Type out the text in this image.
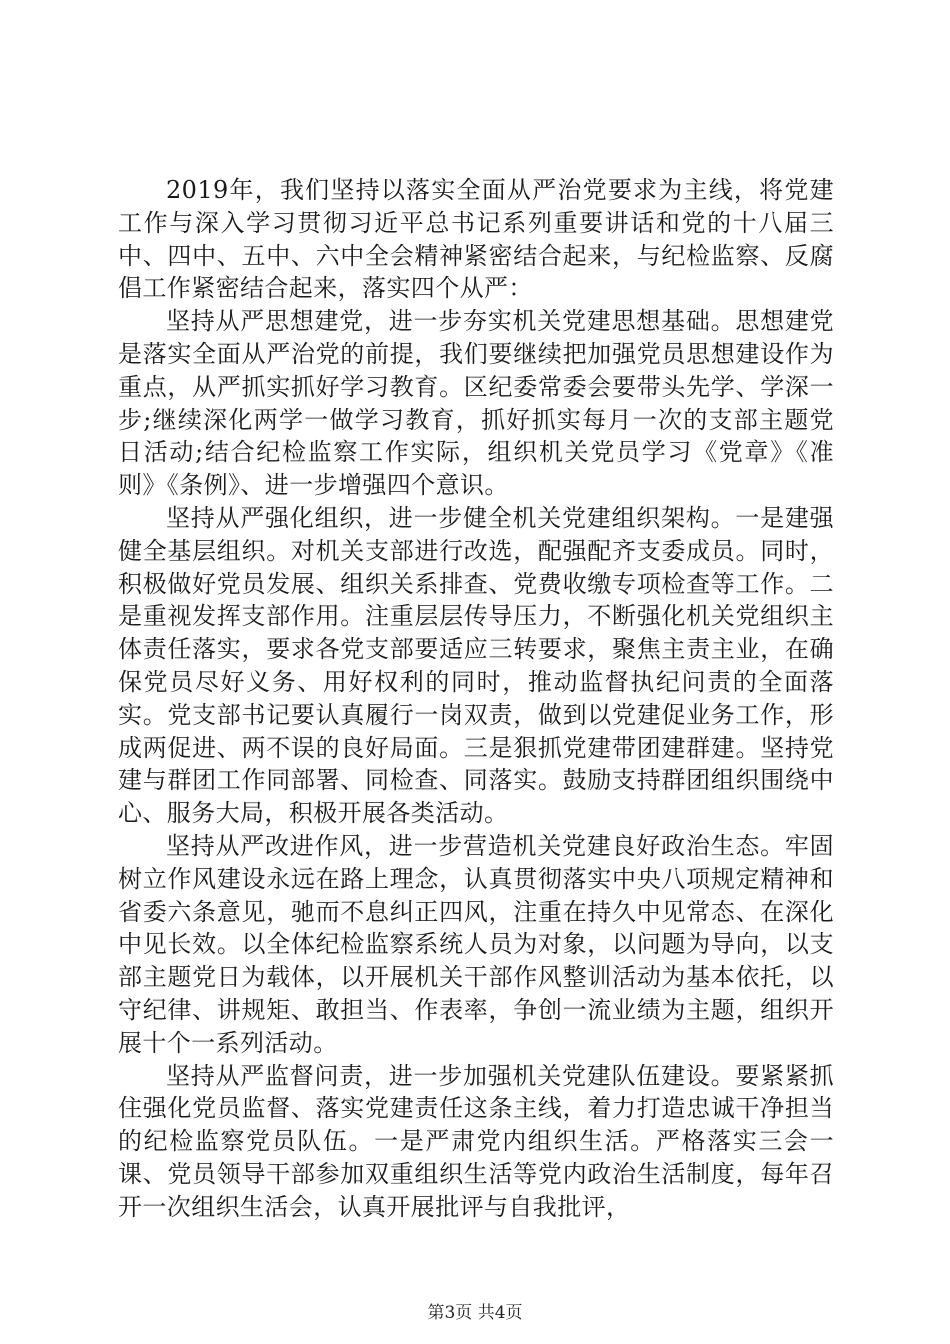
2019年，我们坚持以落实全面从严治党要求为主线，将党建工作与深入学习贯彻习近平总书记系列重要讲话和党的十八届三中、四中、五中、六中全会精神紧密结合起来，与纪检监察、反腐倡工作紧密结合起来，落实四个从严：

坚持从严思想建党，进一步夯实机关党建思想基础。思想建党是落实全面从严治党的前提，我们要继续把加强党员思想建设作为重点，从严抓实抓好学习教育。区纪委常委会要带头先学、学深一步;继续深化两学一做学习教育，抓好抓实每月一次的支部主题党日活动;结合纪检监察工作实际，组织机关党员学习《党章》《准则》《条例》、进一步增强四个意识。

坚持从严强化组织，进一步健全机关党建组织架构。一是建强健全基层组织。对机关支部进行改选，配强配齐支委成员。同时，积极做好党员发展、组织关系排查、党费收缴专项检查等工作。二是重视发挥支部作用。注重层层传导压力，不断强化机关党组织主体责任落实，要求各党支部要适应三转要求，聚焦主责主业，在确保党员尽好义务、用好权利的同时，推动监督执纪问责的全面落实。党支部书记要认真履行一岗双责，做到以党建促业务工作，形成两促进、两不误的良好局面。三是狠抓党建带团建群建。坚持党建与群团工作同部署、同检查、同落实。鼓励支持群团组织围绕中心、服务大局，积极开展各类活动。

坚持从严改进作风，进一步营造机关党建良好政治生态。牢固树立作风建设永远在路上理念，认真贯彻落实中央八项规定精神和省委六条意见，驰而不息纠正四风，注重在持久中见常态、在深化中见长效。以全体纪检监察系统人员为对象，以问题为导向，以支部主题党日为载体，以开展机关干部作风整训活动为基本依托，以守纪律、讲规矩、敢担当、作表率，争创一流业绩为主题，组织开展十个一系列活动。

坚持从严监督问责，进一步加强机关党建队伍建设。要紧紧抓住强化党员监督、落实党建责任这条主线，着力打造忠诚干净担当的纪检监察党员队伍。一是严肃党内组织生活。严格落实三会一课、党员领导干部参加双重组织生活等党内政治生活制度，每年召开一次组织生活会，认真开展批评与自我批评，

第3页 共4页
